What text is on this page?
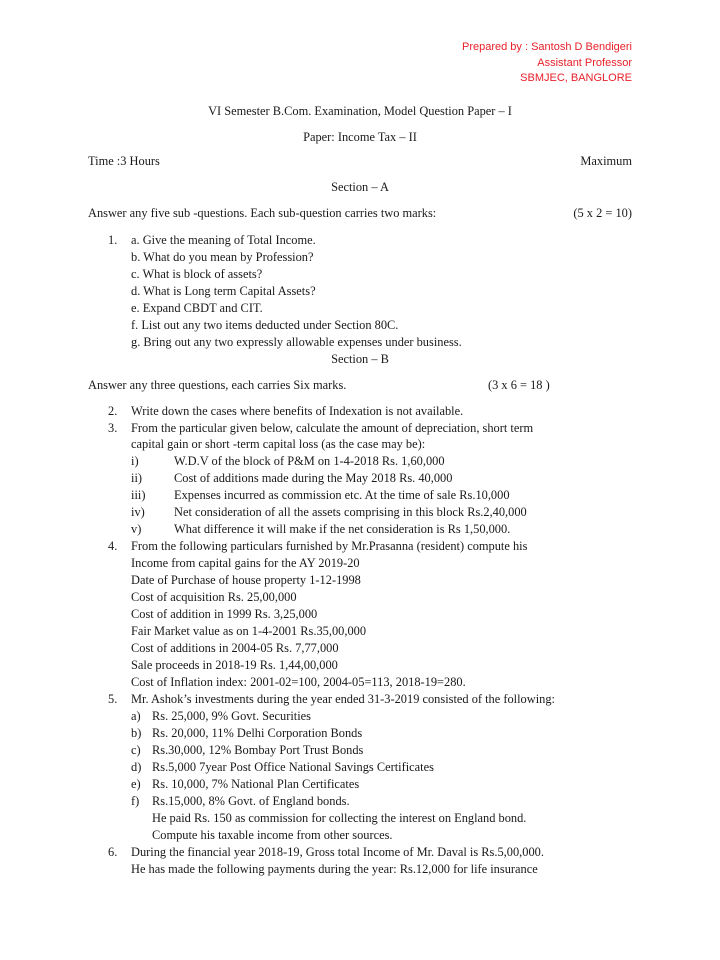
Prepared by : Santosh D Bendigeri
Assistant Professor
SBMJEC, BANGLORE
VI Semester B.Com. Examination, Model Question Paper – I
Paper: Income Tax – II
Time :3 Hours	Maximum
Section – A
Answer any five sub -questions. Each sub-question carries two marks:	(5 x 2 = 10)
1. a. Give the meaning of Total Income.
b. What do you mean by Profession?
c. What is block of assets?
d. What is Long term Capital Assets?
e. Expand CBDT and CIT.
f. List out any two items deducted under Section 80C.
g. Bring out any two expressly allowable expenses under business.
Section – B
Answer any three questions, each carries Six marks.	(3 x 6 = 18 )
2. Write down the cases where benefits of Indexation is not available.
3. From the particular given below, calculate the amount of depreciation, short term
capital gain or short -term capital loss (as the case may be):
i)	W.D.V of the block of P&M on 1-4-2018 Rs. 1,60,000
ii)	Cost of additions made during the May 2018 Rs. 40,000
iii) Expenses incurred as commission etc. At the time of sale Rs.10,000
iv) Net consideration of all the assets comprising in this block Rs.2,40,000
v)	What difference it will make if the net consideration is Rs 1,50,000.
4. From the following particulars furnished by Mr.Prasanna (resident) compute his
Income from capital gains for the AY 2019-20
Date of Purchase of house property 1-12-1998
Cost of acquisition Rs. 25,00,000
Cost of addition in 1999 Rs. 3,25,000
Fair Market value as on 1-4-2001 Rs.35,00,000
Cost of additions in 2004-05 Rs. 7,77,000
Sale proceeds in 2018-19 Rs. 1,44,00,000
Cost of Inflation index: 2001-02=100, 2004-05=113, 2018-19=280.
5. Mr. Ashok’s investments during the year ended 31-3-2019 consisted of the following:
a) Rs. 25,000, 9% Govt. Securities
b) Rs. 20,000, 11% Delhi Corporation Bonds
c) Rs.30,000, 12% Bombay Port Trust Bonds
d) Rs.5,000 7year Post Office National Savings Certificates
e) Rs. 10,000, 7% National Plan Certificates
f) Rs.15,000, 8% Govt. of England bonds.
He paid Rs. 150 as commission for collecting the interest on England bond.
Compute his taxable income from other sources.
6. During the financial year 2018-19, Gross total Income of Mr. Daval is Rs.5,00,000.
He has made the following payments during the year: Rs.12,000 for life insurance
